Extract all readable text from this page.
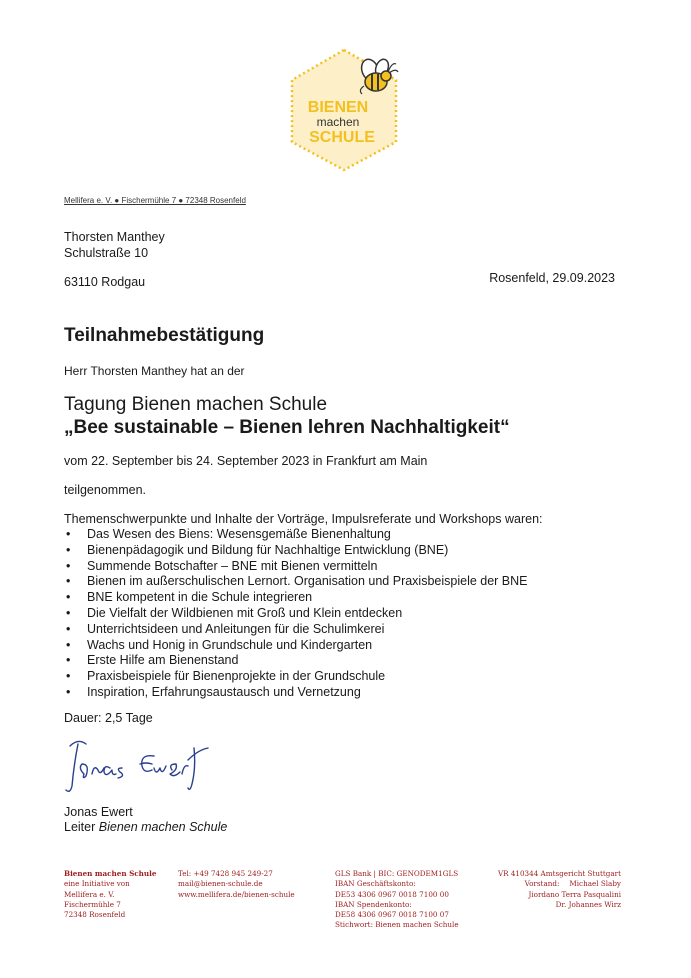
BIENEN
machen
SCHULE
Mellifera e. V. ● Fischermühle 7 ● 72348 Rosenfeld
Thorsten Manthey
Schulstraße 10
63110 Rodgau	Rosenfeld, 29.09.2023
Teilnahmebestätigung
Herr Thorsten Manthey hat an der
Tagung Bienen machen Schule
„Bee sustainable – Bienen lehren Nachhaltigkeit“
vom 22. September bis 24. September 2023 in Frankfurt am Main
teilgenommen.
Themenschwerpunkte und Inhalte der Vorträge, Impulsreferate und Workshops waren:
• Das Wesen des Biens: Wesensgemäße Bienenhaltung
• Bienenpädagogik und Bildung für Nachhaltige Entwicklung (BNE)
• Summende Botschafter – BNE mit Bienen vermitteln
• Bienen im außerschulischen Lernort. Organisation und Praxisbeispiele der BNE
• BNE kompetent in die Schule integrieren
• Die Vielfalt der Wildbienen mit Groß und Klein entdecken
• Unterrichtsideen und Anleitungen für die Schulimkerei
• Wachs und Honig in Grundschule und Kindergarten
• Erste Hilfe am Bienenstand
• Praxisbeispiele für Bienenprojekte in der Grundschule
• Inspiration, Erfahrungsaustausch und Vernetzung
Dauer: 2,5 Tage
Jonas Ewert
Leiter Bienen machen Schule
Bienen machen Schule
eine Initiative von
Mellifera e. V.
Fischermühle 7
72348 Rosenfeld
Tel: +49 7428 945 249-27
mail@bienen-schule.de
www.mellifera.de/bienen-schule
GLS Bank | BIC: GENODEM1GLS
IBAN Geschäftskonto:
DE53 4306 0967 0018 7100 00
IBAN Spendenkonto:
DE58 4306 0967 0018 7100 07
Stichwort: Bienen machen Schule
VR 410344 Amtsgericht Stuttgart
Vorstand: Michael Slaby
Jiordano Terra Pasqualini
Dr. Johannes Wirz
